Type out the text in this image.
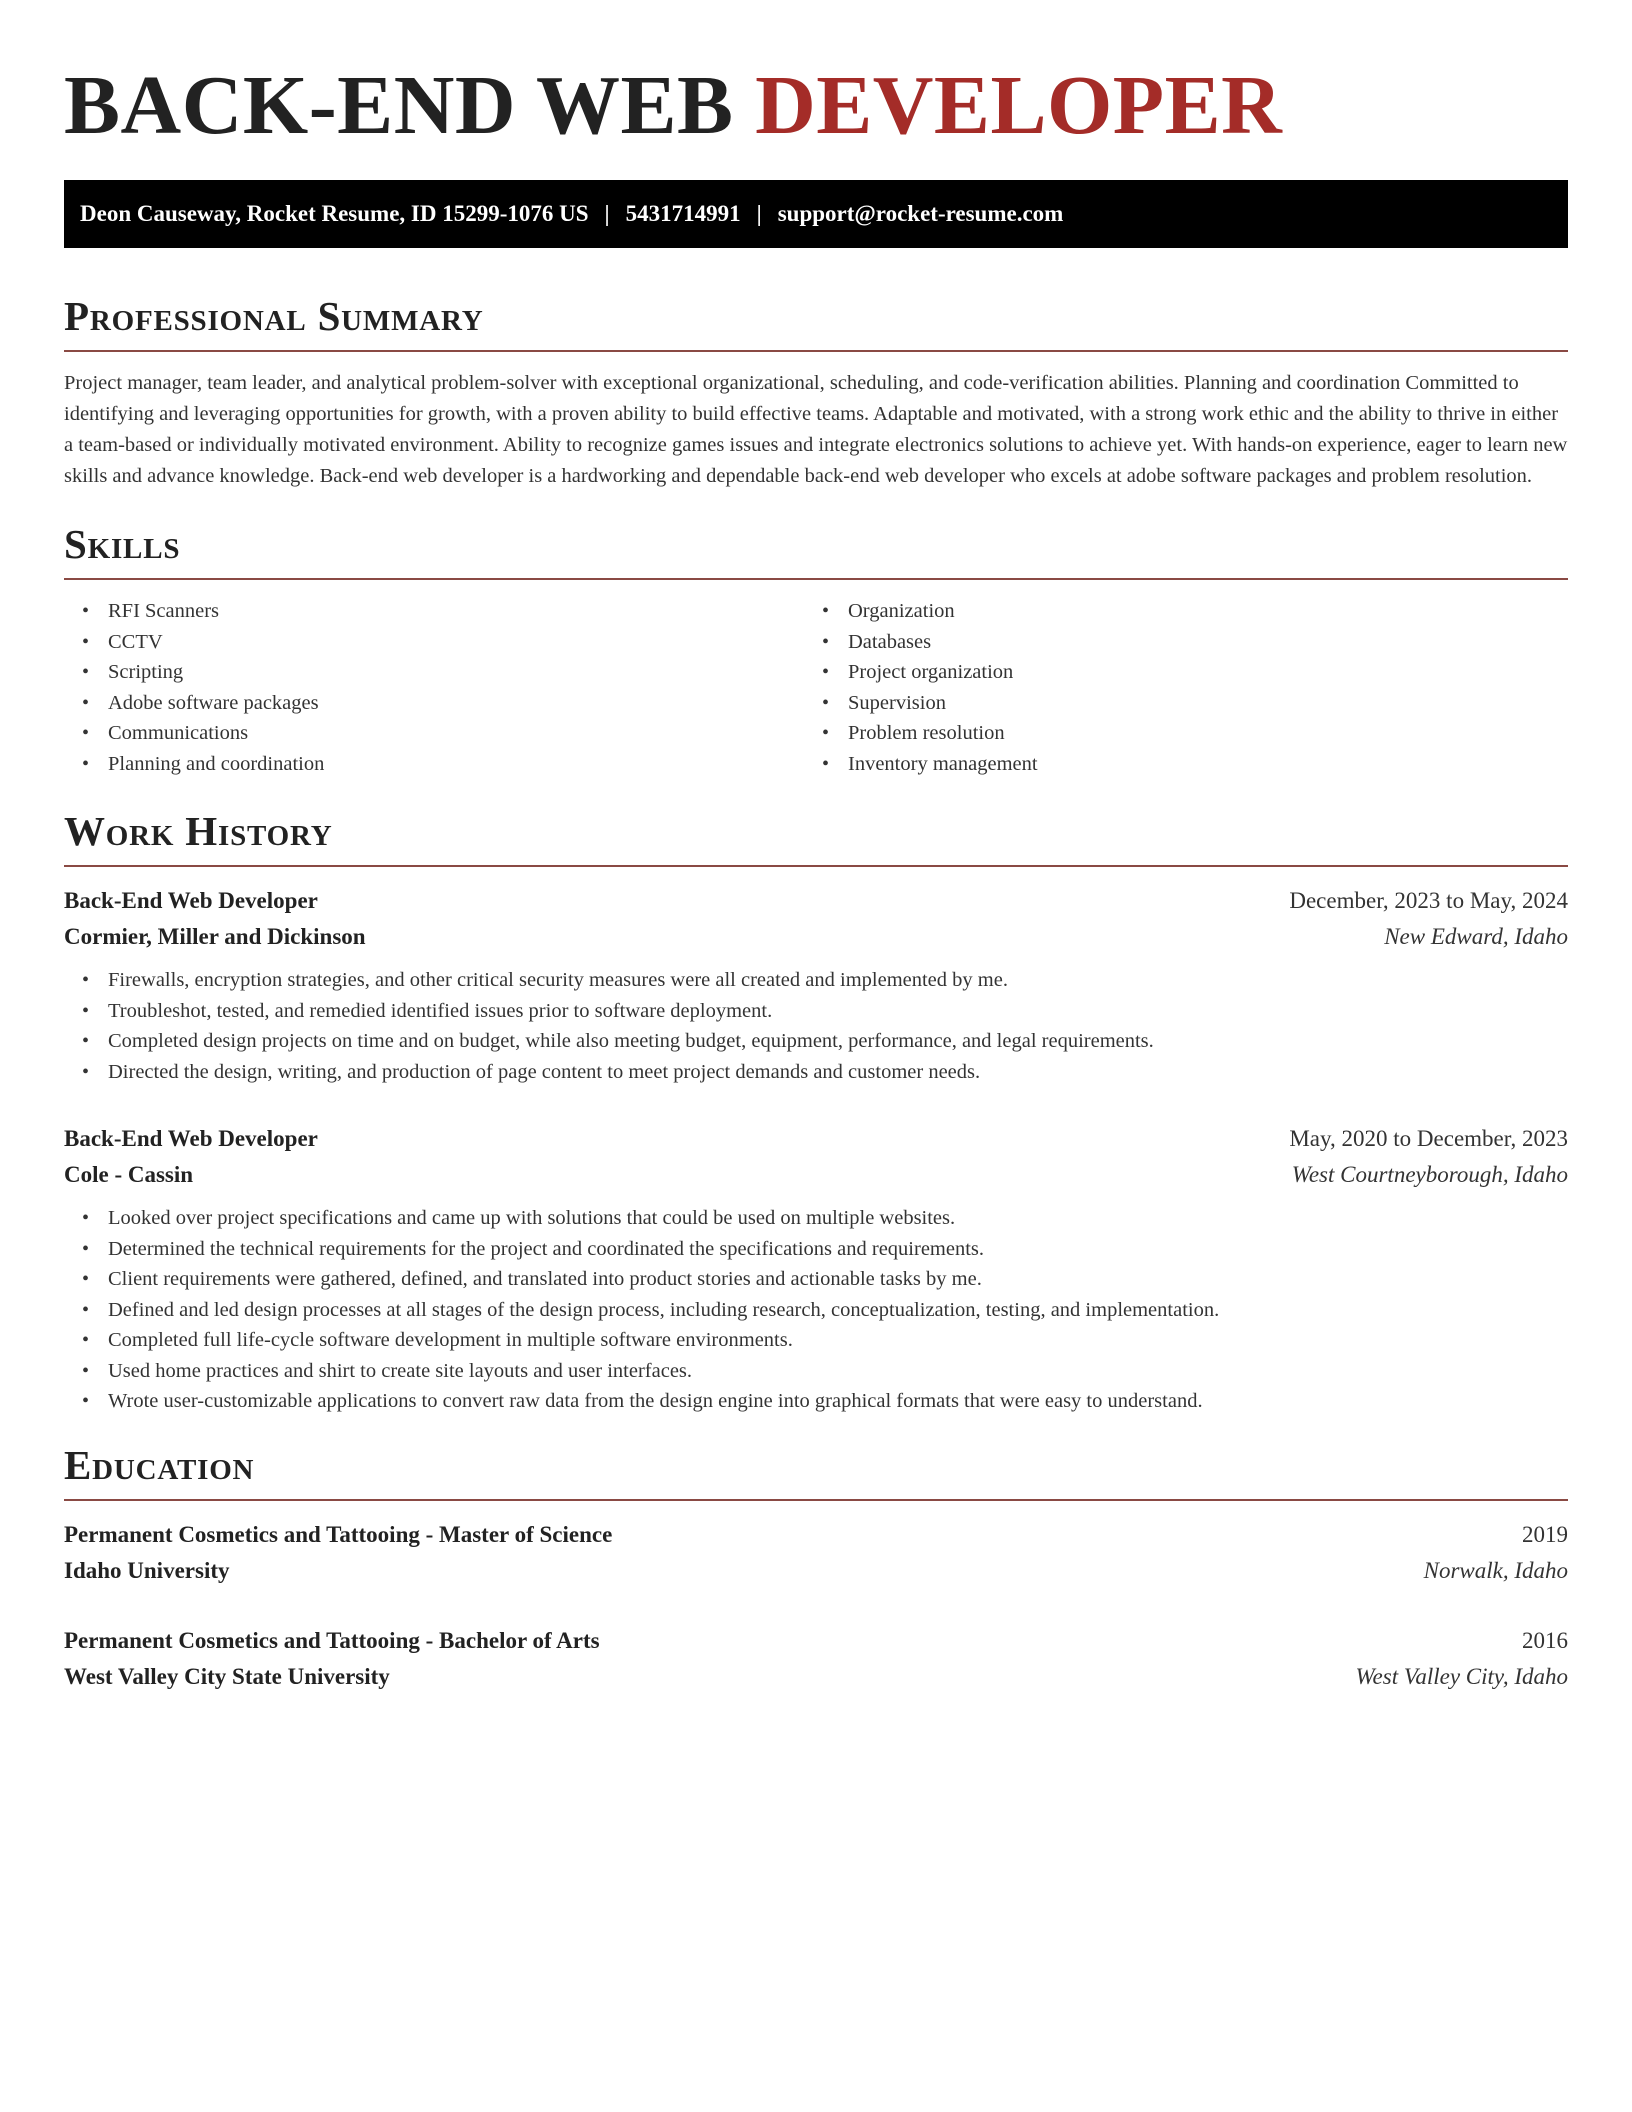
BACK-END WEB DEVELOPER
Deon Causeway, Rocket Resume, ID 15299-1076 US | 5431714991 | support@rocket-resume.com
Professional Summary

Project manager, team leader, and analytical problem-solver with exceptional organizational, scheduling, and code-verification abilities. Planning and coordination Committed to identifying and leveraging opportunities for growth, with a proven ability to build effective teams. Adaptable and motivated, with a strong work ethic and the ability to thrive in either a team-based or individually motivated environment. Ability to recognize games issues and integrate electronics solutions to achieve yet. With hands-on experience, eager to learn new skills and advance knowledge. Back-end web developer is a hardworking and dependable back-end web developer who excels at adobe software packages and problem resolution.

Skills
• RFI Scanners
• CCTV
• Scripting
• Adobe software packages
• Communications
• Planning and coordination
• Organization
• Databases
• Project organization
• Supervision
• Problem resolution
• Inventory management
Work History
Back-End Web Developer	December, 2023 to May, 2024
Cormier, Miller and Dickinson	New Edward, Idaho
• Firewalls, encryption strategies, and other critical security measures were all created and implemented by me.
• Troubleshot, tested, and remedied identified issues prior to software deployment.
• Completed design projects on time and on budget, while also meeting budget, equipment, performance, and legal requirements.
• Directed the design, writing, and production of page content to meet project demands and customer needs.
Back-End Web Developer	May, 2020 to December, 2023
Cole - Cassin	West Courtneyborough, Idaho
• Looked over project specifications and came up with solutions that could be used on multiple websites.
• Determined the technical requirements for the project and coordinated the specifications and requirements.
• Client requirements were gathered, defined, and translated into product stories and actionable tasks by me.
• Defined and led design processes at all stages of the design process, including research, conceptualization, testing, and implementation.
• Completed full life-cycle software development in multiple software environments.
• Used home practices and shirt to create site layouts and user interfaces.
• Wrote user-customizable applications to convert raw data from the design engine into graphical formats that were easy to understand.
Education
Permanent Cosmetics and Tattooing - Master of Science	2019
Idaho University	Norwalk, Idaho
Permanent Cosmetics and Tattooing - Bachelor of Arts	2016
West Valley City State University	West Valley City, Idaho
